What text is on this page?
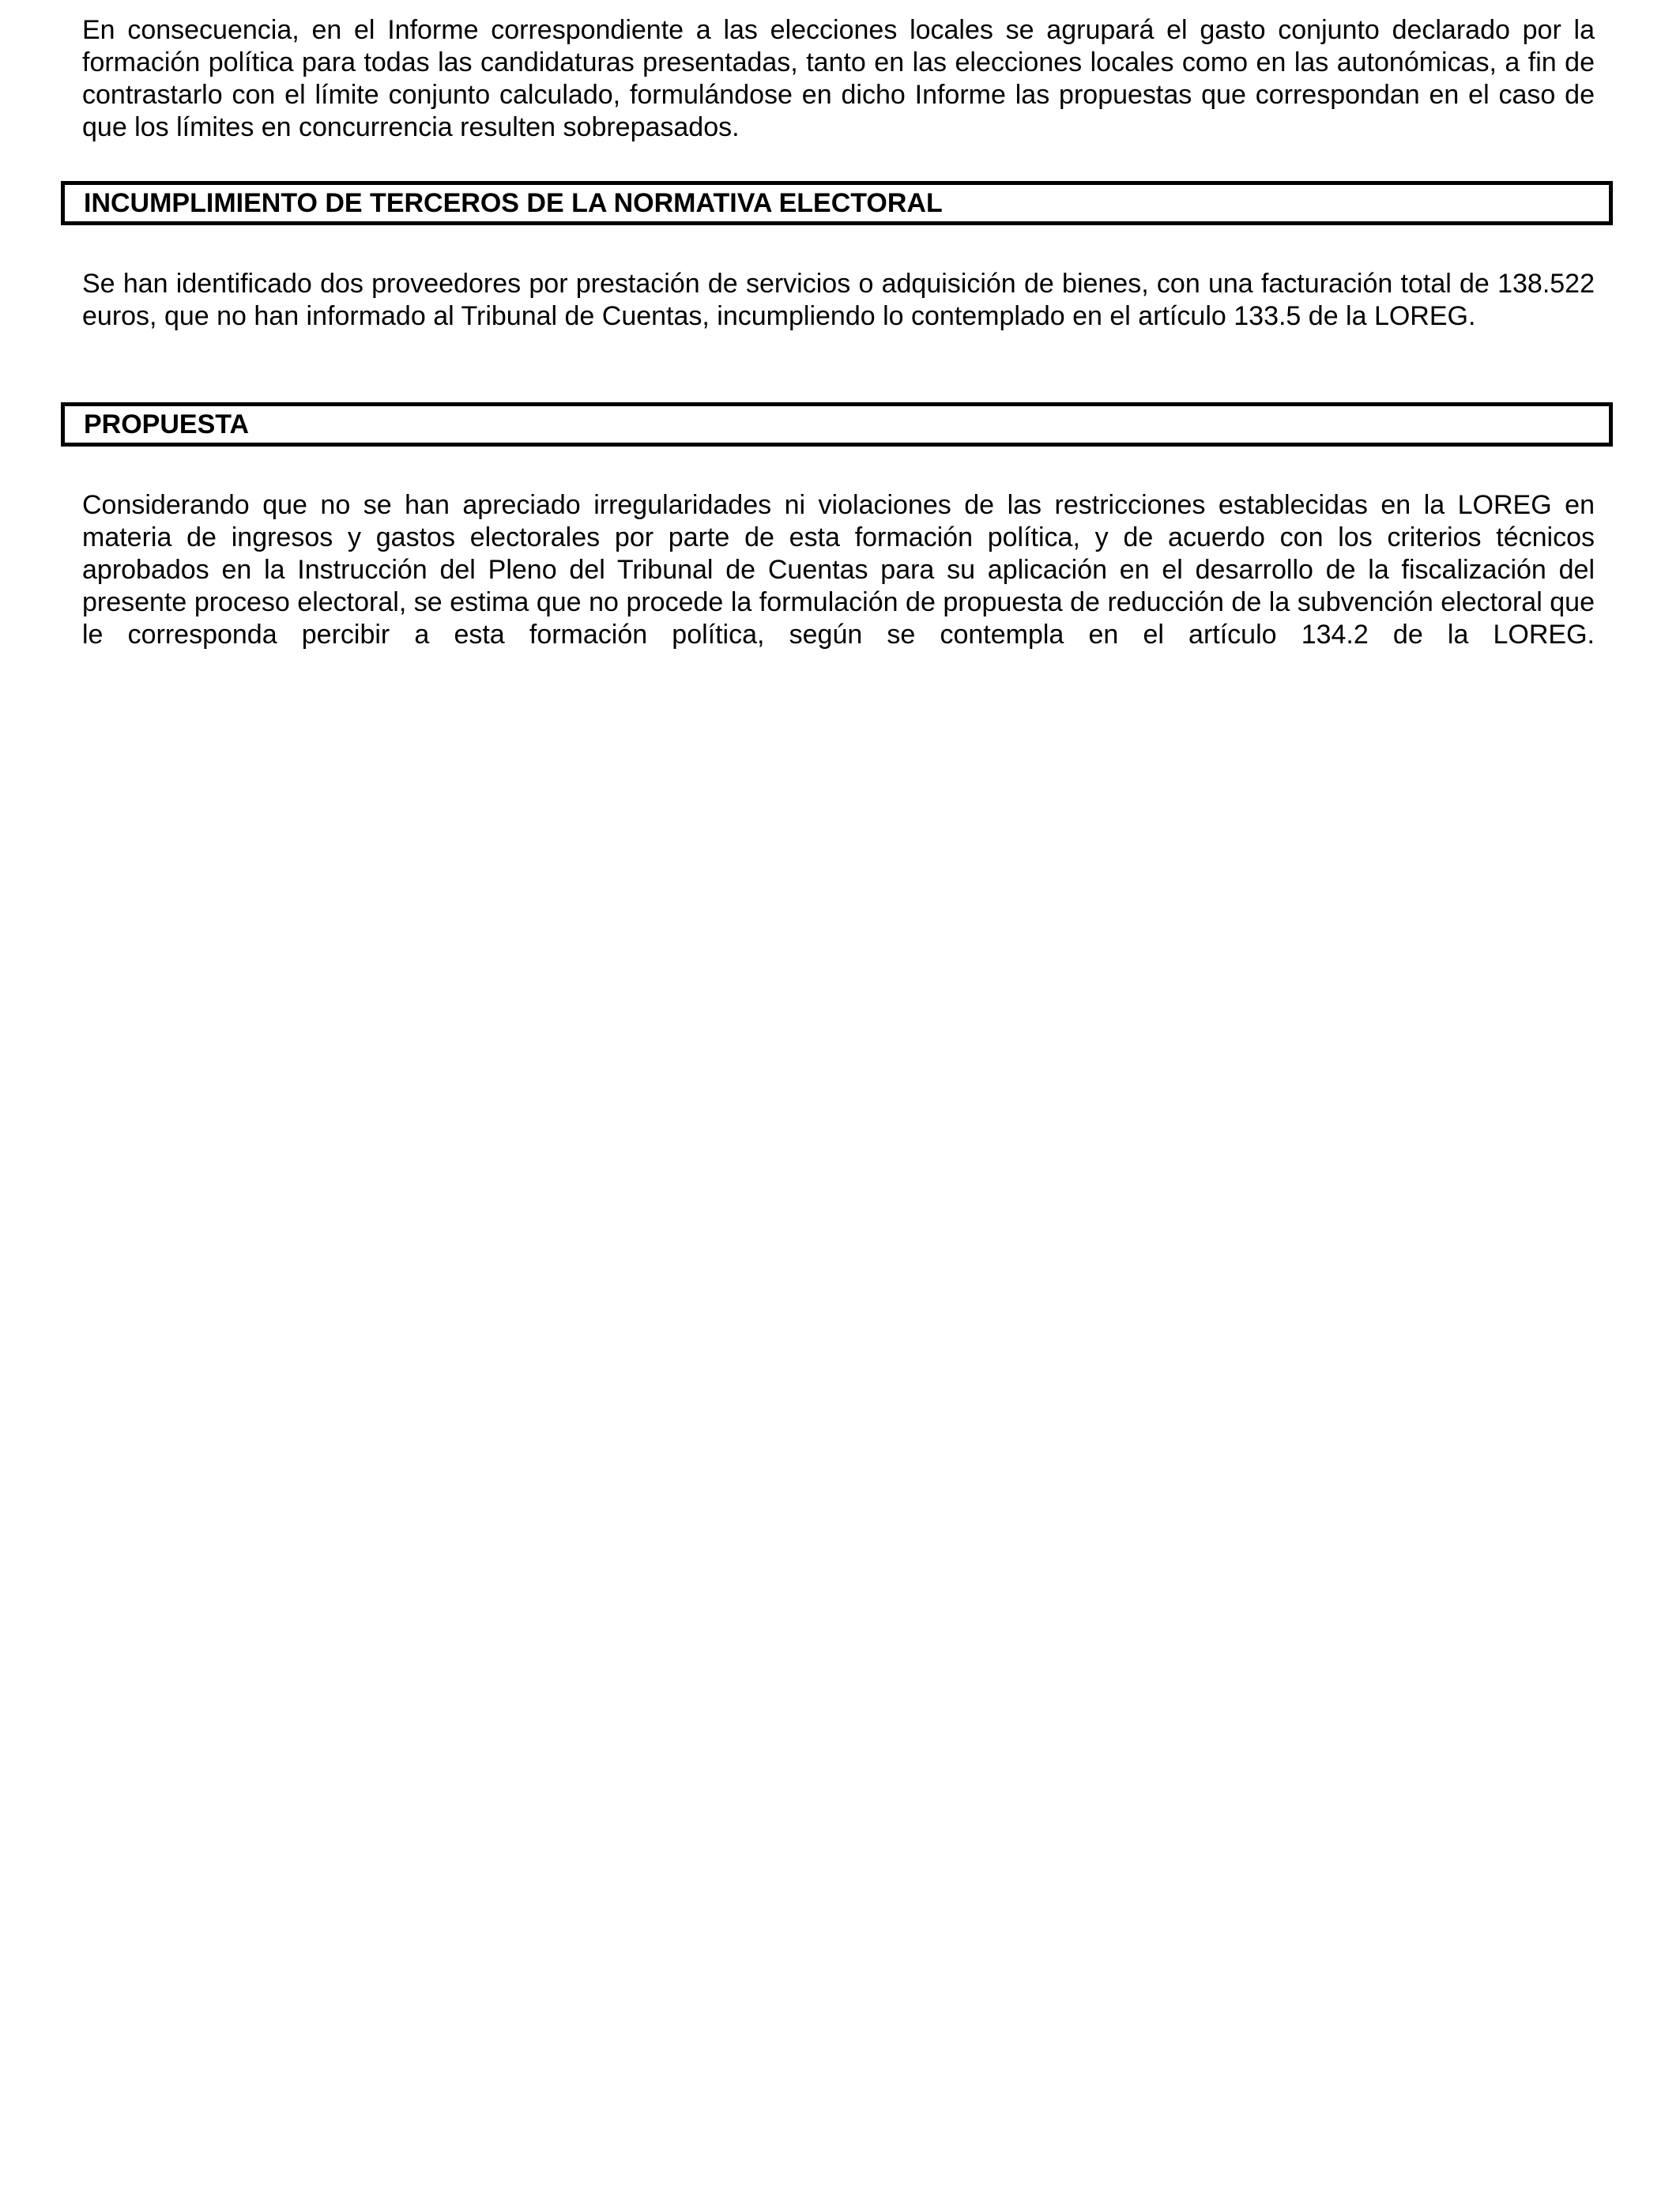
En consecuencia, en el Informe correspondiente a las elecciones locales se agrupará el gasto conjunto declarado por la formación política para todas las candidaturas presentadas, tanto en las elecciones locales como en las autonómicas, a fin de contrastarlo con el límite conjunto calculado, formulándose en dicho Informe las propuestas que correspondan en el caso de que los límites en concurrencia resulten sobrepasados.

INCUMPLIMIENTO DE TERCEROS DE LA NORMATIVA ELECTORAL

Se han identificado dos proveedores por prestación de servicios o adquisición de bienes, con una facturación total de 138.522 euros, que no han informado al Tribunal de Cuentas, incumpliendo lo contemplado en el artículo 133.5 de la LOREG.

PROPUESTA

Considerando que no se han apreciado irregularidades ni violaciones de las restricciones establecidas en la LOREG en materia de ingresos y gastos electorales por parte de esta formación política, y de acuerdo con los criterios técnicos aprobados en la Instrucción del Pleno del Tribunal de Cuentas para su aplicación en el desarrollo de la fiscalización del presente proceso electoral, se estima que no procede la formulación de propuesta de reducción de la subvención electoral que le corresponda percibir a esta formación política, según se contempla en el artículo 134.2 de la LOREG.
